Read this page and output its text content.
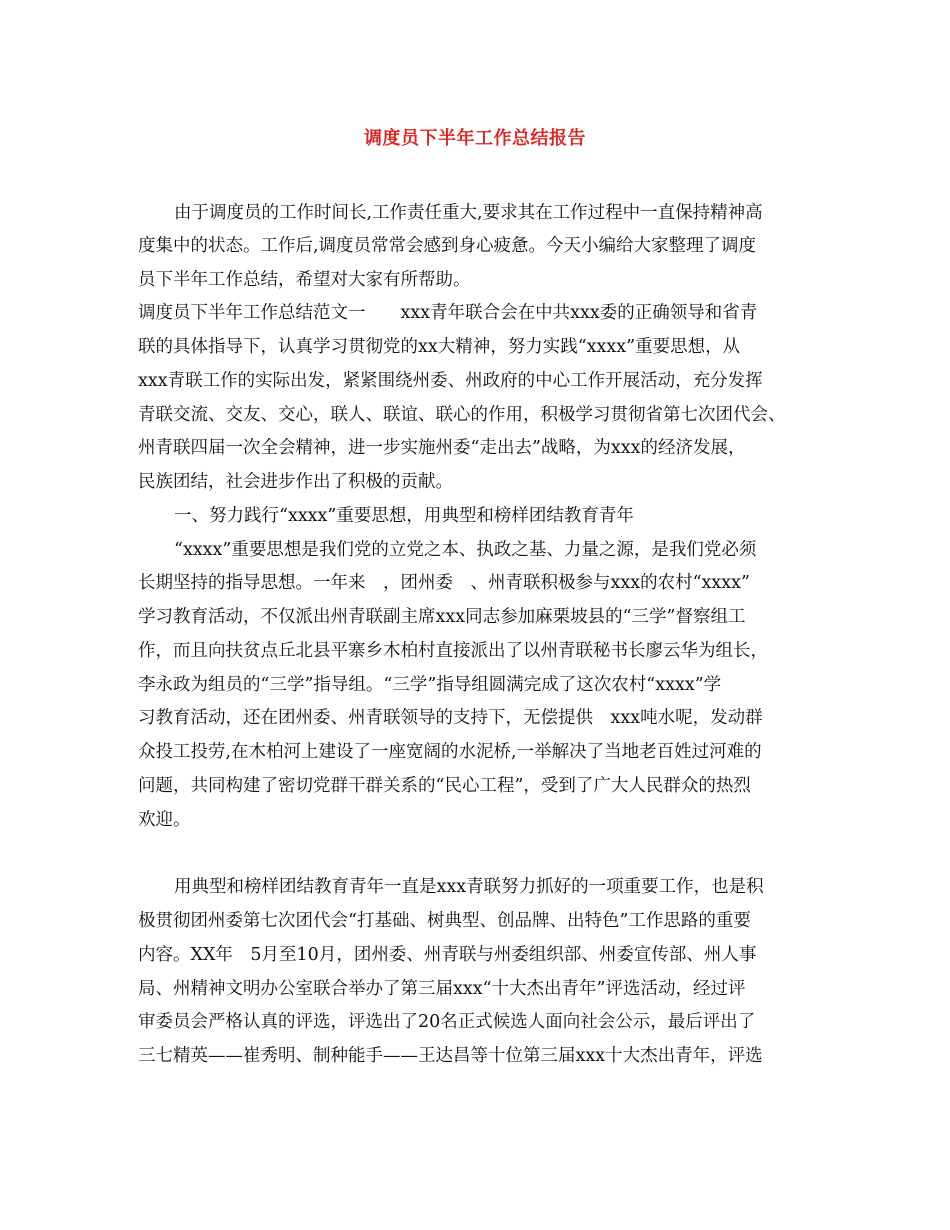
调度员下半年工作总结报告
由于调度员的工作时间长,工作责任重大,要求其在工作过程中一直保持精神高
度集中的状态。工作后,调度员常常会感到身心疲惫。今天小编给大家整理了调度
员下半年工作总结，希望对大家有所帮助。
调度员下半年工作总结范文一　　xxx青年联合会在中共xxx委的正确领导和省青
联的具体指导下，认真学习贯彻党的xx大精神，努力实践“xxxx”重要思想，从
xxx青联工作的实际出发，紧紧围绕州委、州政府的中心工作开展活动，充分发挥
青联交流、交友、交心，联人、联谊、联心的作用，积极学习贯彻省第七次团代会、
州青联四届一次全会精神，进一步实施州委“走出去”战略，为xxx的经济发展，
民族团结，社会进步作出了积极的贡献。
一、努力践行“xxxx”重要思想，用典型和榜样团结教育青年
“xxxx”重要思想是我们党的立党之本、执政之基、力量之源，是我们党必须
长期坚持的指导思想。一年来　，团州委　、州青联积极参与xxx的农村“xxxx”
学习教育活动，不仅派出州青联副主席xxx同志参加麻栗坡县的“三学”督察组工
作，而且向扶贫点丘北县平寨乡木柏村直接派出了以州青联秘书长廖云华为组长，
李永政为组员的“三学”指导组。“三学”指导组圆满完成了这次农村“xxxx”学
习教育活动，还在团州委、州青联领导的支持下，无偿提供　xxx吨水呢，发动群
众投工投劳,在木柏河上建设了一座宽阔的水泥桥,一举解决了当地老百姓过河难的
问题，共同构建了密切党群干群关系的“民心工程”，受到了广大人民群众的热烈
欢迎。
用典型和榜样团结教育青年一直是xxx青联努力抓好的一项重要工作，也是积
极贯彻团州委第七次团代会“打基础、树典型、创品牌、出特色”工作思路的重要
内容。XX年　5月至10月，团州委、州青联与州委组织部、州委宣传部、州人事
局、州精神文明办公室联合举办了第三届xxx“十大杰出青年”评选活动，经过评
审委员会严格认真的评选，评选出了20名正式候选人面向社会公示，最后评出了
三七精英——崔秀明、制种能手——王达昌等十位第三届xxx十大杰出青年，评选
